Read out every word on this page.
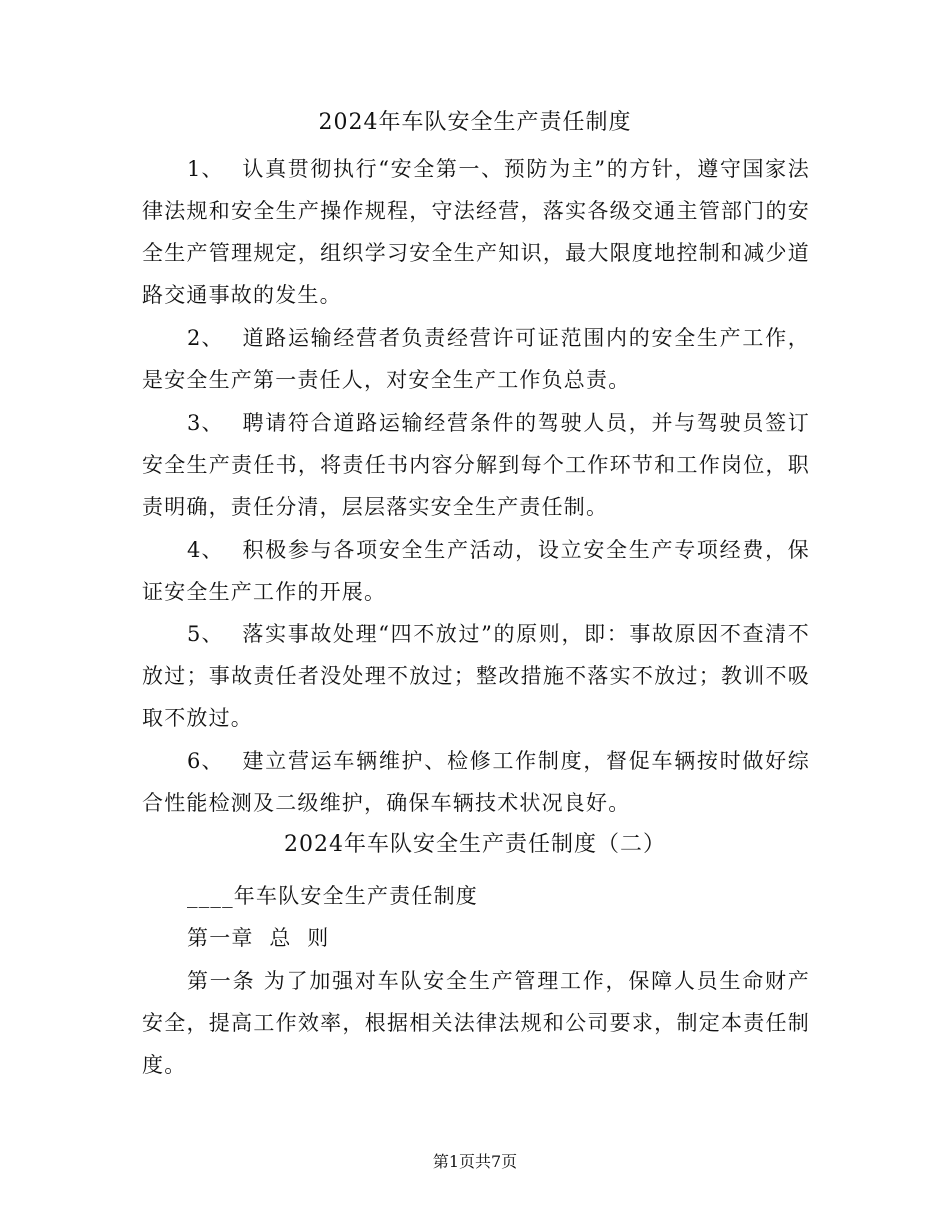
2024年车队安全生产责任制度

1、 认真贯彻执行“安全第一、预防为主”的方针，遵守国家法律法规和安全生产操作规程，守法经营，落实各级交通主管部门的安全生产管理规定，组织学习安全生产知识，最大限度地控制和减少道路交通事故的发生。

2、 道路运输经营者负责经营许可证范围内的安全生产工作，是安全生产第一责任人，对安全生产工作负总责。

3、 聘请符合道路运输经营条件的驾驶人员，并与驾驶员签订安全生产责任书，将责任书内容分解到每个工作环节和工作岗位，职责明确，责任分清，层层落实安全生产责任制。

4、 积极参与各项安全生产活动，设立安全生产专项经费，保证安全生产工作的开展。

5、 落实事故处理“四不放过”的原则，即：事故原因不查清不放过；事故责任者没处理不放过；整改措施不落实不放过；教训不吸取不放过。

6、 建立营运车辆维护、检修工作制度，督促车辆按时做好综合性能检测及二级维护，确保车辆技术状况良好。

2024年车队安全生产责任制度（二）
____年车队安全生产责任制度
第一章  总  则

第一条 为了加强对车队安全生产管理工作，保障人员生命财产安全，提高工作效率，根据相关法律法规和公司要求，制定本责任制度。

第1页共7页
